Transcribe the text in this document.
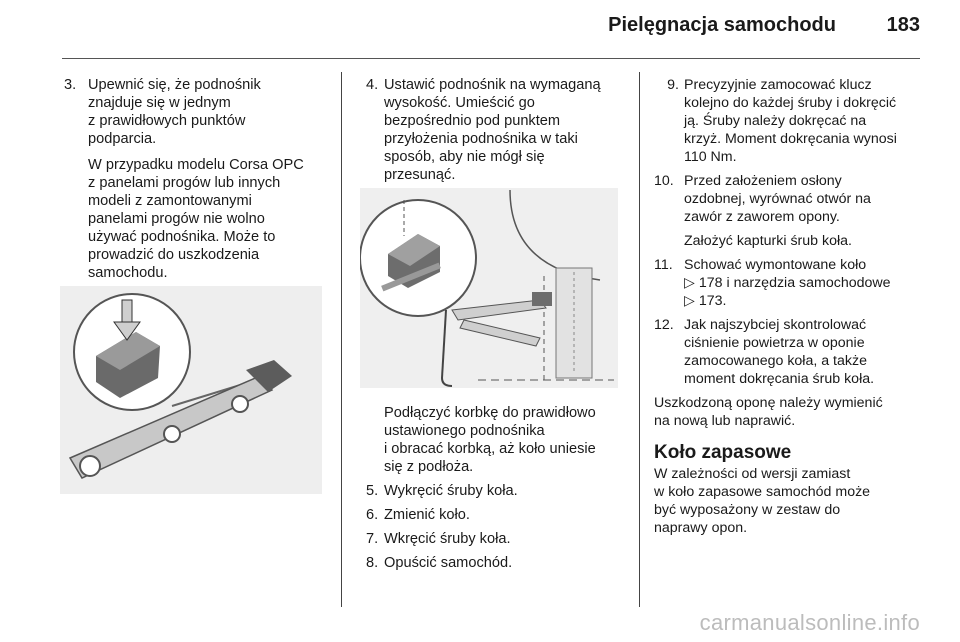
Pielęgnacja samochodu	183
3. Upewnić się, że podnośnik
znajduje się w jednym
z prawidłowych punktów
podparcia.

W przypadku modelu Corsa OPC
z panelami progów lub innych
modeli z zamontowanymi
panelami progów nie wolno
używać podnośnika. Może to
prowadzić do uszkodzenia
samochodu.

4. Ustawić podnośnik na wymaganą
wysokość. Umieścić go
bezpośrednio pod punktem
przyłożenia podnośnika w taki
sposób, aby nie mógł się
przesunąć.

Podłączyć korbkę do prawidłowo
ustawionego podnośnika
i obracać korbką, aż koło uniesie
się z podłoża.

5. Wykręcić śruby koła.
6. Zmienić koło.
7. Wkręcić śruby koła.
8. Opuścić samochód.
9. Precyzyjnie zamocować klucz
kolejno do każdej śruby i dokręcić
ją. Śruby należy dokręcać na
krzyż. Moment dokręcania wynosi
110 Nm.
10. Przed założeniem osłony
ozdobnej, wyrównać otwór na
zawór z zaworem opony.

Założyć kapturki śrub koła.

11. Schować wymontowane koło
▷ 178 i narzędzia samochodowe
▷ 173.
12. Jak najszybciej skontrolować
ciśnienie powietrza w oponie
zamocowanego koła, a także
moment dokręcania śrub koła.

Uszkodzoną oponę należy wymienić
na nową lub naprawić.

Koło zapasowe

W zależności od wersji zamiast
w koło zapasowe samochód może
być wyposażony w zestaw do
naprawy opon.

carmanualsonline.info
